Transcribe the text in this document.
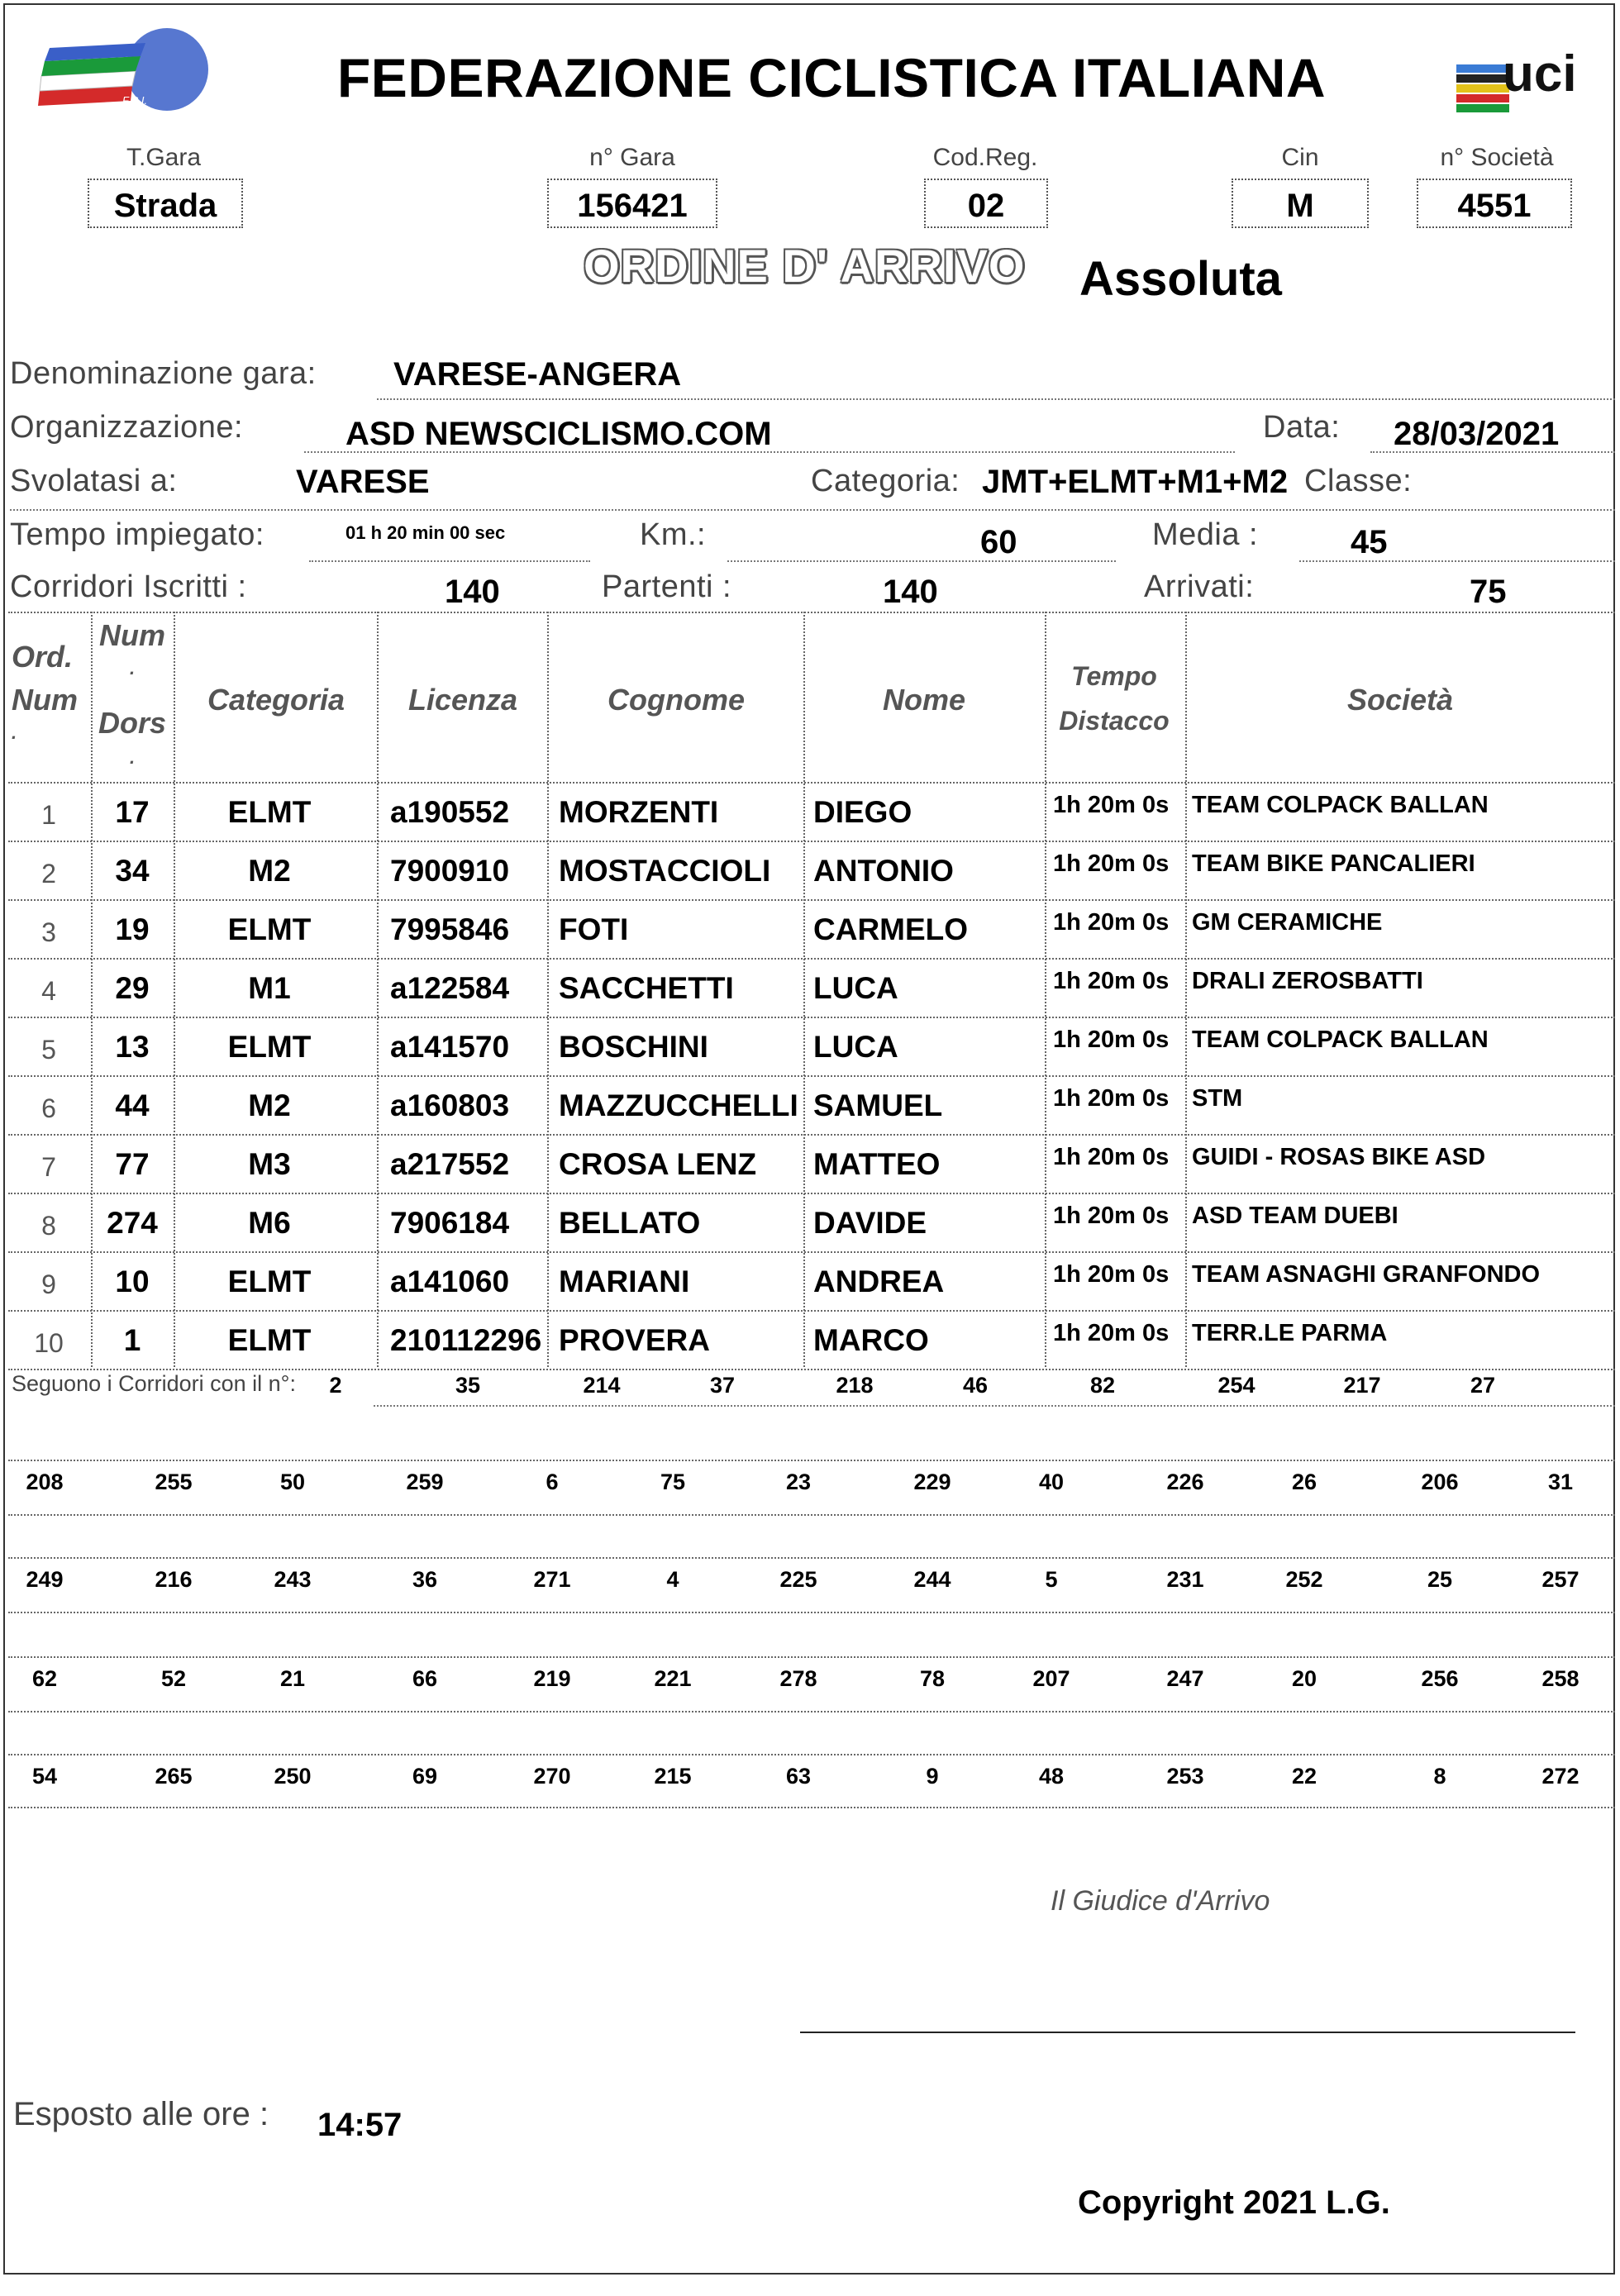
F.C.I.	uci
FEDERAZIONE CICLISTICA ITALIANA
T.Gara
Strada
n° Gara
156421
Cod.Reg.
02
Cin
M
n° Società
4551
ORDINE D' ARRIVO Assoluta
Denominazione gara: VARESE-ANGERA
Organizzazione:	ASD NEWSCICLISMO.COM	Data: 28/03/2021
Svolatasi a:	VARESE	Categoria: JMT+ELMT+M1+M2 Classe:
Tempo impiegato:	01 h 20 min 00 sec	Km.:	60	Media :	45
Corridori Iscritti :	140	Partenti :	140	Arrivati:	75
Ord.
Num
.
Num
.
Dors
.
Categoria	Licenza	Cognome	Nome
Tempo
Distacco
Società
1	17	ELMT	a190552	MORZENTI	DIEGO	1h 20m 0s TEAM COLPACK BALLAN
2	34	M2	7900910	MOSTACCIOLI	ANTONIO	1h 20m 0s TEAM BIKE PANCALIERI
3	19	ELMT	7995846	FOTI	CARMELO	1h 20m 0s GM CERAMICHE
4	29	M1	a122584	SACCHETTI	LUCA	1h 20m 0s DRALI ZEROSBATTI
5	13	ELMT	a141570	BOSCHINI	LUCA	1h 20m 0s TEAM COLPACK BALLAN
6	44	M2	a160803	MAZZUCCHELLI SAMUEL	1h 20m 0s STM
7	77	M3	a217552	CROSA LENZ	MATTEO	1h 20m 0s GUIDI - ROSAS BIKE ASD
8	274	M6	7906184	BELLATO	DAVIDE	1h 20m 0s ASD TEAM DUEBI
9	10	ELMT	a141060	MARIANI	ANDREA	1h 20m 0s TEAM ASNAGHI GRANFONDO
10	1	ELMT	210112296 PROVERA	MARCO	1h 20m 0s TERR.LE PARMA
Seguono i Corridori con il n°:	2	35	214	37	218	46	82	254	217	27
208	255	50	259	6	75	23	229	40	226	26	206	31
249	216	243	36	271	4	225	244	5	231	252	25	257
62	52	21	66	219	221	278	78	207	247	20	256	258
54	265	250	69	270	215	63	9	48	253	22	8	272
Il Giudice d'Arrivo
Esposto alle ore : 14:57
Copyright 2021 L.G.
